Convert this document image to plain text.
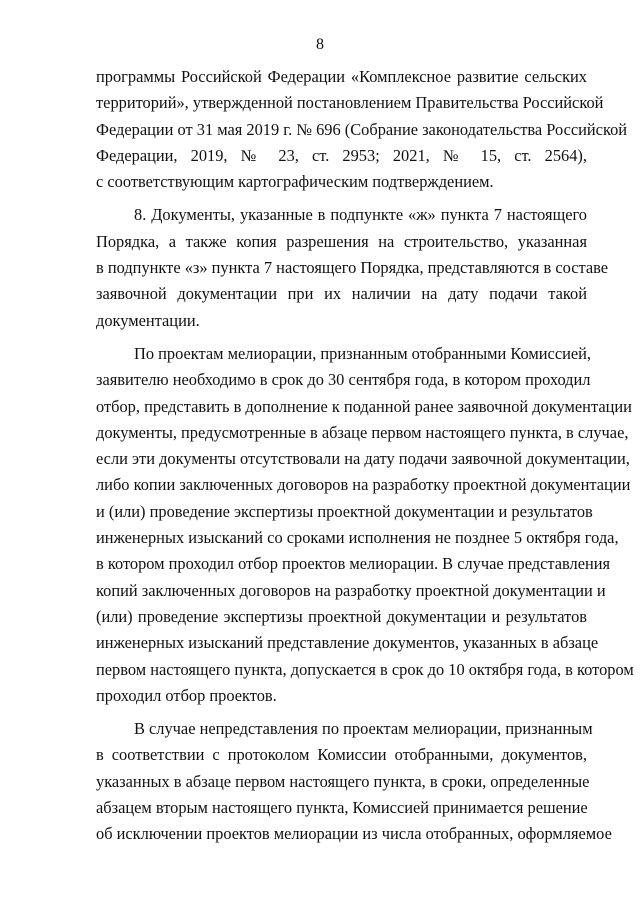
8
программы Российской Федерации «Комплексное развитие сельских
территорий», утвержденной постановлением Правительства Российской
Федерации от 31 мая 2019 г. № 696 (Собрание законодательства Российской
Федерации, 2019, № 23, ст. 2953; 2021, № 15, ст. 2564),
с соответствующим картографическим подтверждением.
8. Документы, указанные в подпункте «ж» пункта 7 настоящего
Порядка, а также копия разрешения на строительство, указанная
в подпункте «з» пункта 7 настоящего Порядка, представляются в составе
заявочной документации при их наличии на дату подачи такой
документации.
По проектам мелиорации, признанным отобранными Комиссией,
заявителю необходимо в срок до 30 сентября года, в котором проходил
отбор, представить в дополнение к поданной ранее заявочной документации
документы, предусмотренные в абзаце первом настоящего пункта, в случае,
если эти документы отсутствовали на дату подачи заявочной документации,
либо копии заключенных договоров на разработку проектной документации
и (или) проведение экспертизы проектной документации и результатов
инженерных изысканий со сроками исполнения не позднее 5 октября года,
в котором проходил отбор проектов мелиорации. В случае представления
копий заключенных договоров на разработку проектной документации и
(или) проведение экспертизы проектной документации и результатов
инженерных изысканий представление документов, указанных в абзаце
первом настоящего пункта, допускается в срок до 10 октября года, в котором
проходил отбор проектов.
В случае непредставления по проектам мелиорации, признанным
в соответствии с протоколом Комиссии отобранными, документов,
указанных в абзаце первом настоящего пункта, в сроки, определенные
абзацем вторым настоящего пункта, Комиссией принимается решение
об исключении проектов мелиорации из числа отобранных, оформляемое
